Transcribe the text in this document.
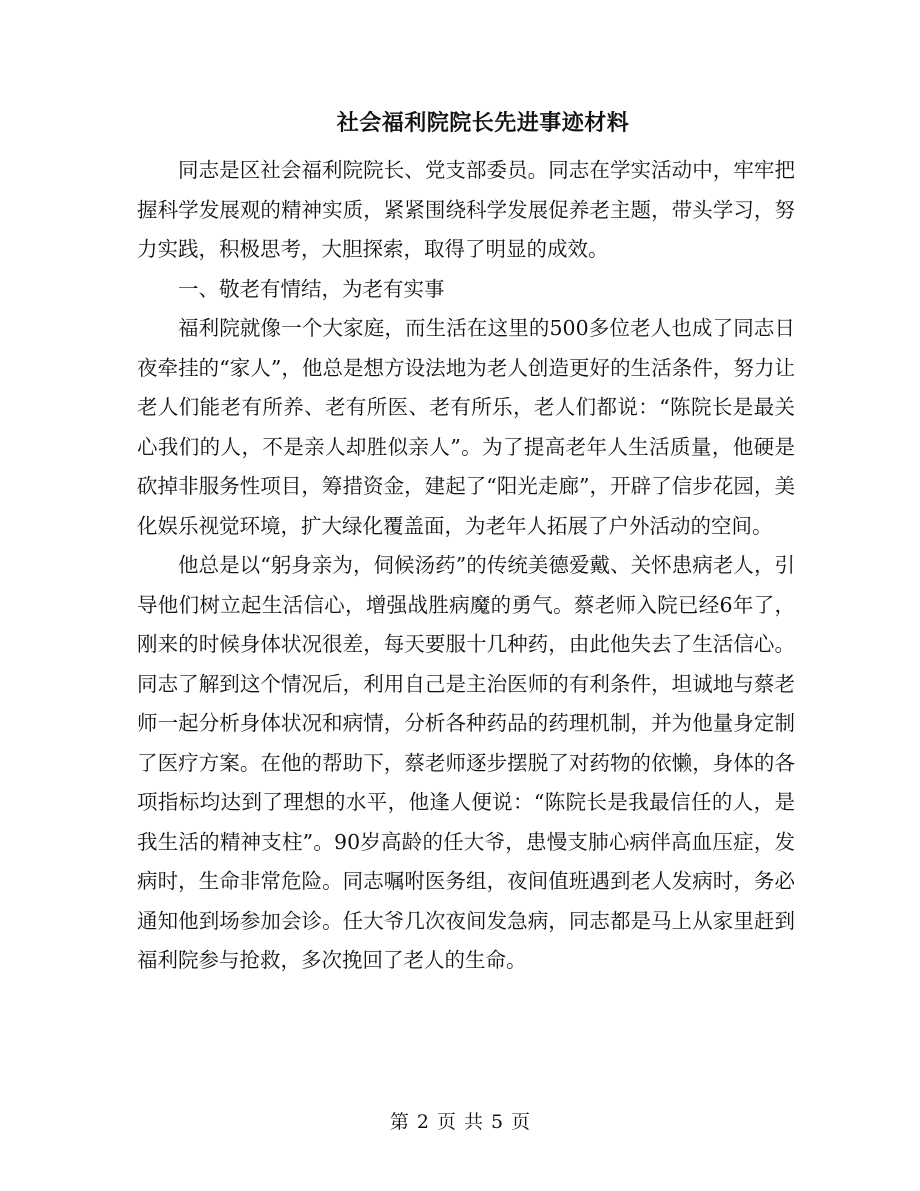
社会福利院院长先进事迹材料

同志是区社会福利院院长、党支部委员。同志在学实活动中，牢牢把握科学发展观的精神实质，紧紧围绕科学发展促养老主题，带头学习，努力实践，积极思考，大胆探索，取得了明显的成效。

一、敬老有情结，为老有实事

福利院就像一个大家庭，而生活在这里的500多位老人也成了同志日夜牵挂的“家人”，他总是想方设法地为老人创造更好的生活条件，努力让老人们能老有所养、老有所医、老有所乐，老人们都说：“陈院长是最关心我们的人，不是亲人却胜似亲人”。为了提高老年人生活质量，他硬是砍掉非服务性项目，筹措资金，建起了“阳光走廊”，开辟了信步花园，美化娱乐视觉环境，扩大绿化覆盖面，为老年人拓展了户外活动的空间。

他总是以“躬身亲为，伺候汤药”的传统美德爱戴、关怀患病老人，引导他们树立起生活信心，增强战胜病魔的勇气。蔡老师入院已经6年了，刚来的时候身体状况很差，每天要服十几种药，由此他失去了生活信心。同志了解到这个情况后，利用自己是主治医师的有利条件，坦诚地与蔡老师一起分析身体状况和病情，分析各种药品的药理机制，并为他量身定制了医疗方案。在他的帮助下，蔡老师逐步摆脱了对药物的依懒，身体的各项指标均达到了理想的水平，他逢人便说：“陈院长是我最信任的人，是我生活的精神支柱”。90岁高龄的任大爷，患慢支肺心病伴高血压症，发病时，生命非常危险。同志嘱咐医务组，夜间值班遇到老人发病时，务必通知他到场参加会诊。任大爷几次夜间发急病，同志都是马上从家里赶到福利院参与抢救，多次挽回了老人的生命。

第 2 页 共 5 页
